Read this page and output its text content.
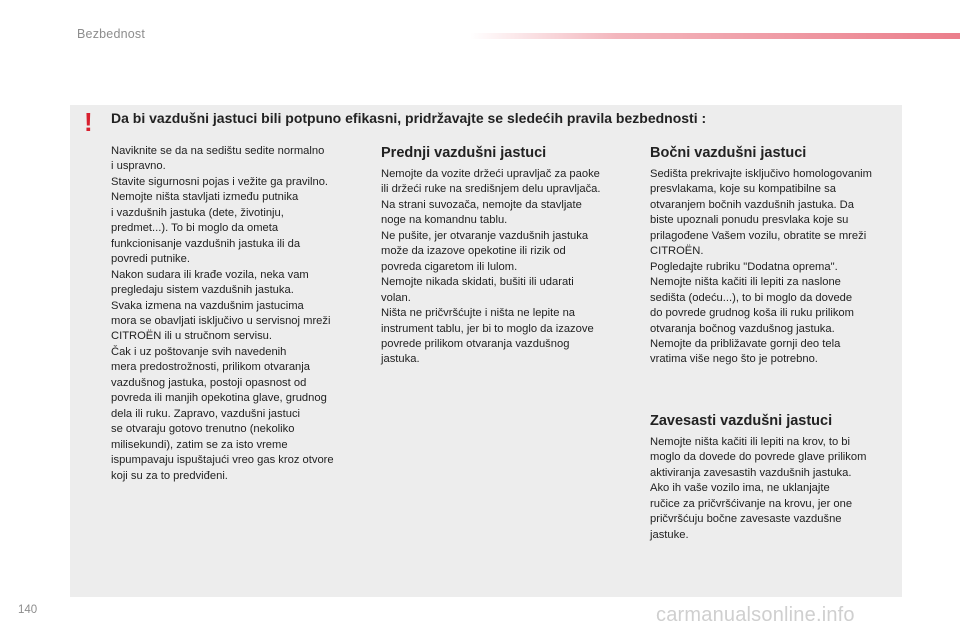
Bezbednost
! Da bi vazdušni jastuci bili potpuno efikasni, pridržavajte se sledećih pravila bezbednosti :

Naviknite se da na sedištu sedite normalno

i uspravno.

Stavite sigurnosni pojas i vežite ga pravilno.

Nemojte ništa stavljati između putnika

i vazdušnih jastuka (dete, životinju,

predmet...). To bi moglo da ometa

funkcionisanje vazdušnih jastuka ili da

povredi putnike.

Nakon sudara ili krađe vozila, neka vam

pregledaju sistem vazdušnih jastuka.

Svaka izmena na vazdušnim jastucima

mora se obavljati isključivo u servisnoj mreži

CITROËN ili u stručnom servisu.

Čak i uz poštovanje svih navedenih

mera predostrožnosti, prilikom otvaranja

vazdušnog jastuka, postoji opasnost od

povreda ili manjih opekotina glave, grudnog

dela ili ruku. Zapravo, vazdušni jastuci

se otvaraju gotovo trenutno (nekoliko

milisekundi), zatim se za isto vreme

ispumpavaju ispuštajući vreo gas kroz otvore

koji su za to predviđeni.

Prednji vazdušni jastuci

Nemojte da vozite držeći upravljač za paoke

ili držeći ruke na središnjem delu upravljača.

Na strani suvozača, nemojte da stavljate

noge na komandnu tablu.

Ne pušite, jer otvaranje vazdušnih jastuka

može da izazove opekotine ili rizik od

povreda cigaretom ili lulom.

Nemojte nikada skidati, bušiti ili udarati

volan.

Ništa ne pričvršćujte i ništa ne lepite na

instrument tablu, jer bi to moglo da izazove

povrede prilikom otvaranja vazdušnog

jastuka.

Bočni vazdušni jastuci

Sedišta prekrivajte isključivo homologovanim

presvlakama, koje su kompatibilne sa

otvaranjem bočnih vazdušnih jastuka. Da

biste upoznali ponudu presvlaka koje su

prilagođene Vašem vozilu, obratite se mreži

CITROËN.

Pogledajte rubriku "Dodatna oprema".

Nemojte ništa kačiti ili lepiti za naslone

sedišta (odeću...), to bi moglo da dovede

do povrede grudnog koša ili ruku prilikom

otvaranja bočnog vazdušnog jastuka.

Nemojte da približavate gornji deo tela

vratima više nego što je potrebno.

Zavesasti vazdušni jastuci

Nemojte ništa kačiti ili lepiti na krov, to bi

moglo da dovede do povrede glave prilikom

aktiviranja zavesastih vazdušnih jastuka.

Ako ih vaše vozilo ima, ne uklanjajte

ručice za pričvršćivanje na krovu, jer one

pričvršćuju bočne zavesaste vazdušne

jastuke.

140	carmanualsonline.info
